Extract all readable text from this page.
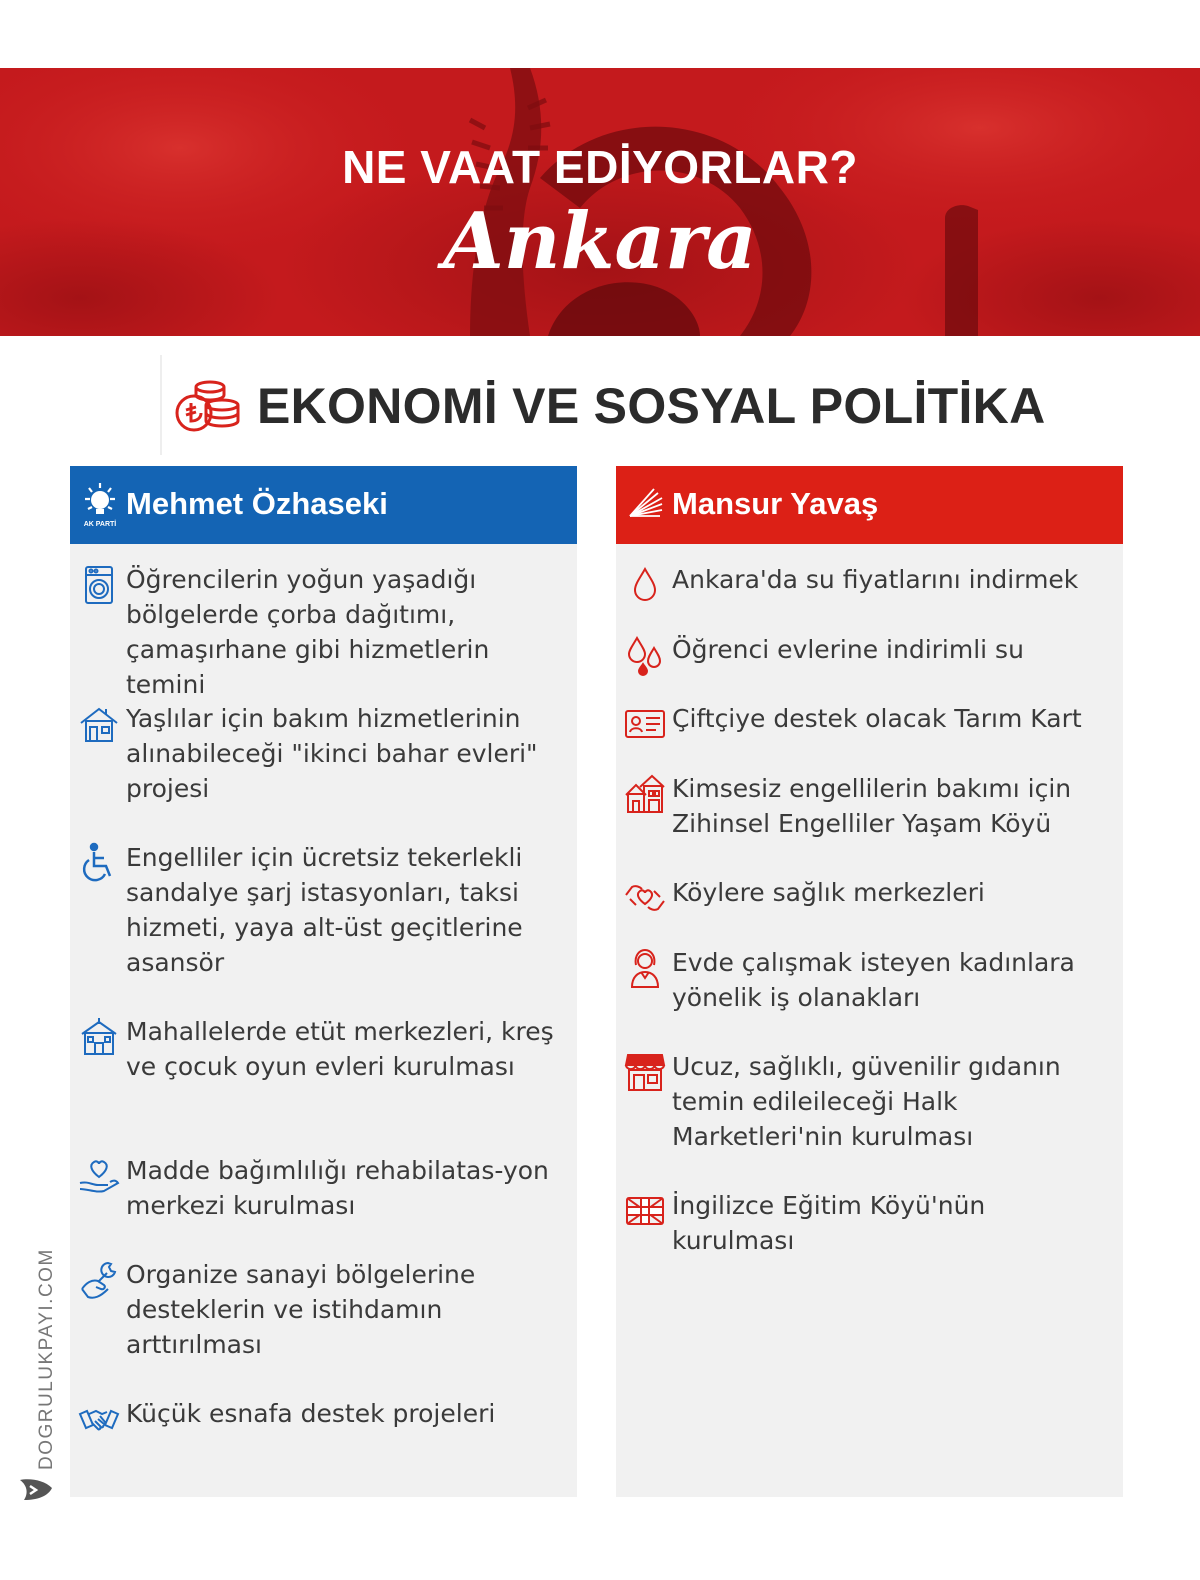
NE VAAT EDİYORLAR?
Ankara
EKONOMİ VE SOSYAL POLİTİKA
AK PARTİ
Mehmet Özhaseki
Öğrencilerin yoğun yaşadığı bölgelerde çorba dağıtımı, çamaşırhane gibi hizmetlerin temini
Yaşlılar için bakım hizmetlerinin alınabileceği "ikinci bahar evleri" projesi
Engelliler için ücretsiz tekerlekli sandalye şarj istasyonları, taksi hizmeti, yaya alt-üst geçitlerine asansör
Mahallelerde etüt merkezleri, kreş ve çocuk oyun evleri kurulması
Madde bağımlılığı rehabilatas-yon merkezi kurulması
Organize sanayi bölgelerine desteklerin ve istihdamın arttırılması
Küçük esnafa destek projeleri
Mansur Yavaş
Ankara'da su fiyatlarını indirmek
Öğrenci evlerine indirimli su
Çiftçiye destek olacak Tarım Kart
Kimsesiz engellilerin bakımı için Zihinsel Engelliler Yaşam Köyü
Köylere sağlık merkezleri
Evde çalışmak isteyen kadınlara yönelik iş olanakları
Ucuz, sağlıklı, güvenilir gıdanın temin edileileceği Halk Marketleri'nin kurulması
İngilizce Eğitim Köyü'nün kurulması
DOGRULUKPAYI.COM
